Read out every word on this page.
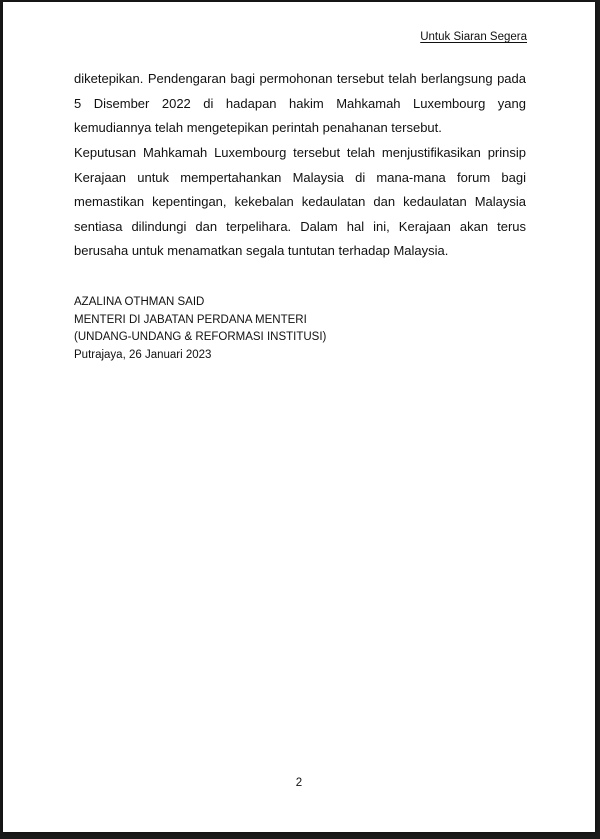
Untuk Siaran Segera

diketepikan. Pendengaran bagi permohonan tersebut telah berlangsung pada 5 Disember 2022 di hadapan hakim Mahkamah Luxembourg yang kemudiannya telah mengetepikan perintah penahanan tersebut.

Keputusan Mahkamah Luxembourg tersebut telah menjustifikasikan prinsip Kerajaan untuk mempertahankan Malaysia di mana-mana forum bagi memastikan kepentingan, kekebalan kedaulatan dan kedaulatan Malaysia sentiasa dilindungi dan terpelihara. Dalam hal ini, Kerajaan akan terus berusaha untuk menamatkan segala tuntutan terhadap Malaysia.

AZALINA OTHMAN SAID
MENTERI DI JABATAN PERDANA MENTERI
(UNDANG-UNDANG & REFORMASI INSTITUSI)
Putrajaya, 26 Januari 2023
2
